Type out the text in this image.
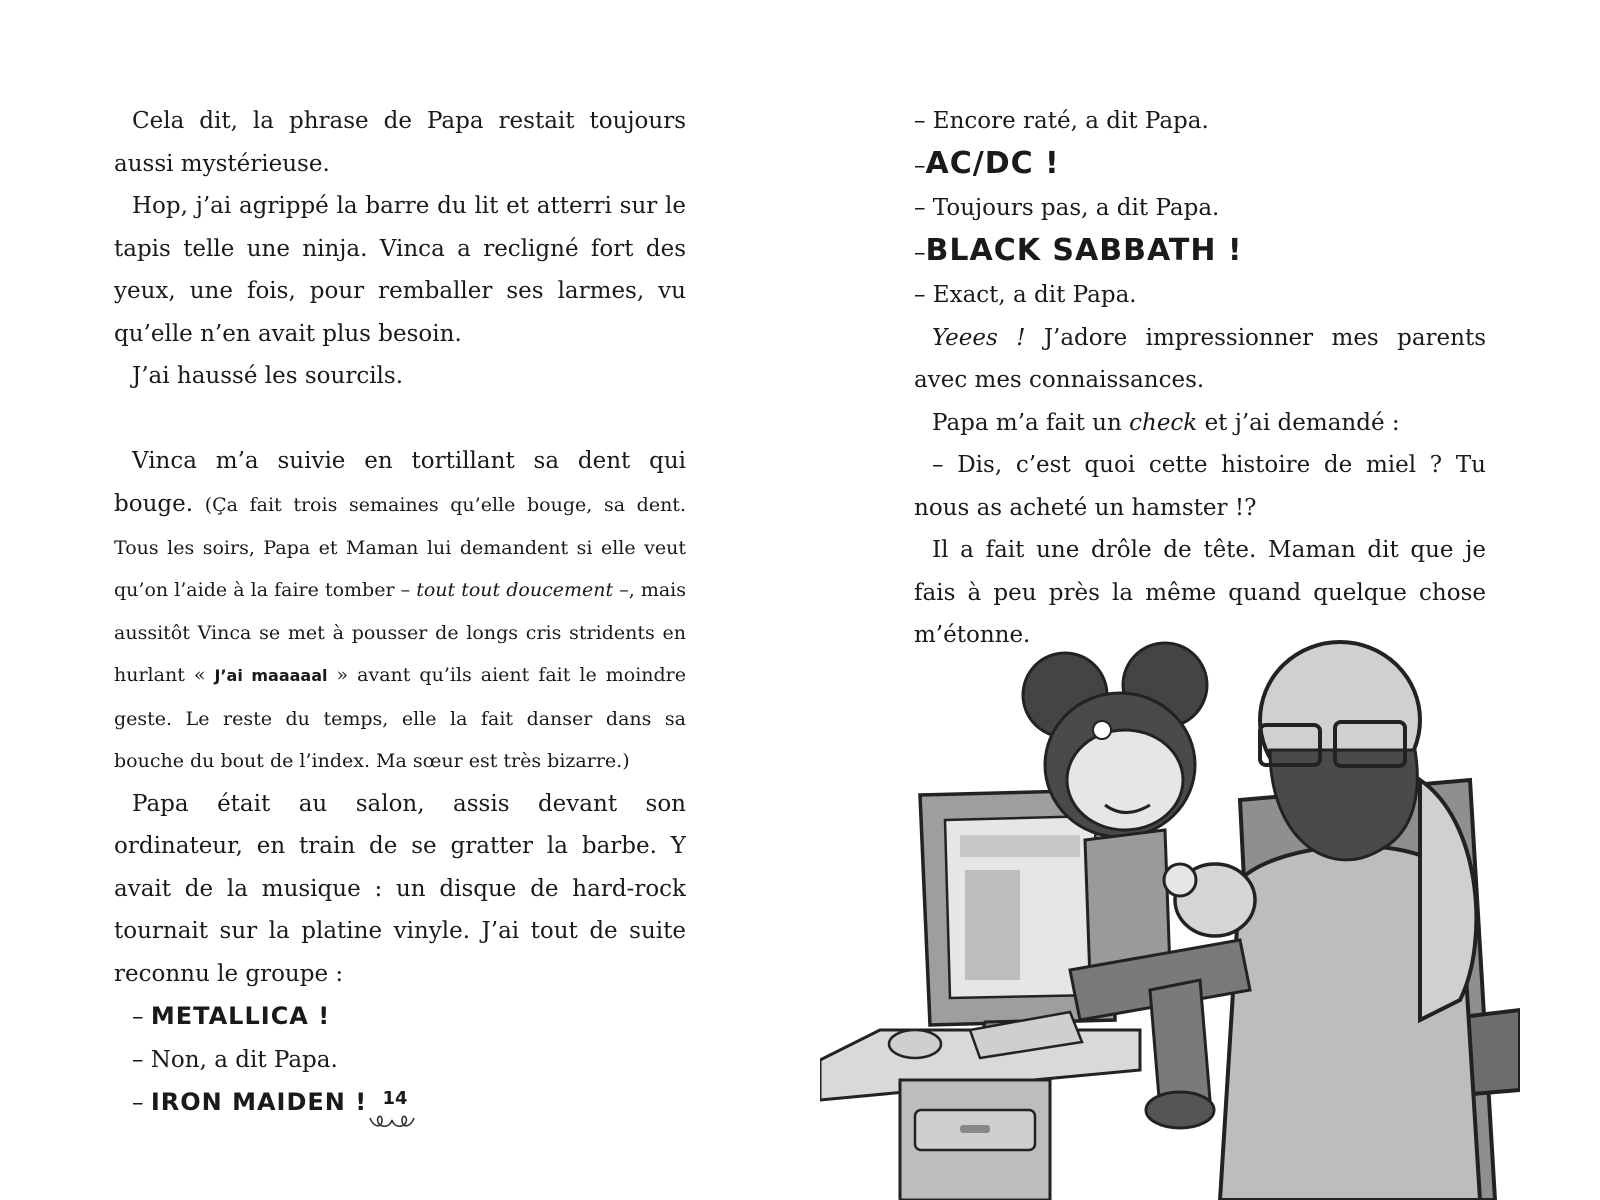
Cela dit, la phrase de Papa restait toujours aussi mystérieuse.

Hop, j’ai agrippé la barre du lit et atterri sur le tapis telle une ninja. Vinca a recligné fort des yeux, une fois, pour remballer ses larmes, vu qu’elle n’en avait plus besoin.

J’ai haussé les sourcils.

Vinca m’a suivie en tortillant sa dent qui bouge. (Ça fait trois semaines qu’elle bouge, sa dent. Tous les soirs, Papa et Maman lui demandent si elle veut qu’on l’aide à la faire tomber – tout tout doucement –, mais aussitôt Vinca se met à pousser de longs cris stridents en hurlant « J’ai maaaaal » avant qu’ils aient fait le moindre geste. Le reste du temps, elle la fait danser dans sa bouche du bout de l’index. Ma sœur est très bizarre.)

Papa était au salon, assis devant son ordinateur, en train de se gratter la barbe. Y avait de la musique : un disque de hard-rock tournait sur la platine vinyle. J’ai tout de suite reconnu le groupe :

– METALLICA !

– Non, a dit Papa.

– IRON MAIDEN ! 14

– Encore raté, a dit Papa.

–AC/DC !

– Toujours pas, a dit Papa.

–BLACK SABBATH !

– Exact, a dit Papa.

Yeees ! J’adore impressionner mes parents avec mes connaissances.

Papa m’a fait un check et j’ai demandé :

– Dis, c’est quoi cette histoire de miel ? Tu nous as acheté un hamster !?

Il a fait une drôle de tête. Maman dit que je fais à peu près la même quand quelque chose m’étonne.
